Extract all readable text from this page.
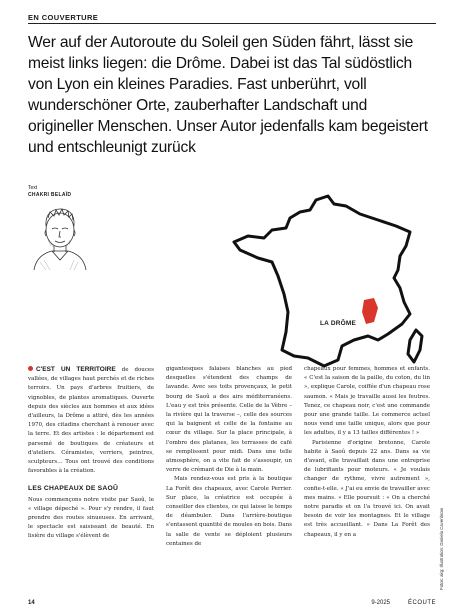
EN COUVERTURE
Wer auf der Autoroute du Soleil gen Süden fährt, lässt sie meist links liegen: die Drôme. Dabei ist das Tal südöstlich von Lyon ein kleines Paradies. Fast unberührt, voll wunderschöner Orte, zauberhafter Landschaft und origineller Menschen. Unser Autor jedenfalls kam begeistert und entschleunigt zurück
Text
CHAKRI BELAÏD
LA DRÔME

C'EST UN TERRITOIRE de douces vallées, de villages haut perchés et de riches terroirs. Un pays d'arbres fruitiers, de vignobles, de plantes aromatiques. Ouverte depuis des siècles aux hommes et aux idées d'ailleurs, la Drôme a attiré, dès les années 1970, des citadins cherchant à renouer avec la terre. Et des artistes : le département est parsemé de boutiques de créateurs et d'ateliers. Céramistes, verriers, peintres, sculpteurs… Tous ont trouvé des conditions favorables à la création.

LES CHAPEAUX DE SAOÛ

Nous commençons notre visite par Saoû, le « village dépeché ». Pour s'y rendre, il faut prendre des routes sinueuses. En arrivant, le spectacle est saisissant de beauté. En lisière du village s'élèvent de

gigantesques falaises blanches au pied desquelles s'étendent des champs de lavande. Avec ses toits provençaux, le petit bourg de Saoû a des airs méditerranéens. L'eau y est très présente. Celle de la Vèbre – la rivière qui la traverse –, celle des sources qui la baignent et celle de la fontaine au cœur du village. Sur la place principale, à l'ombre des platanes, les terrasses de café se remplissent pour midi. Dans une telle atmosphère, on a vite fait de s'assoupir, un verre de crémant de Die à la main.

Mais rendez-vous est pris à la boutique La Forêt des chapeaux, avec Carole Perrier. Sur place, la créatrice est occupée à conseiller des clientes, ce qui laisse le temps de déambuler. Dans l'arrière-boutique s'entassent quantité de moules en bois. Dans la salle de vente se déploient plusieurs centaines de

chapeaux pour femmes, hommes et enfants. « C'est la saison de la paille, du coton, du lin », explique Carole, coiffée d'un chapeau rose saumon. « Mais je travaille aussi les feutres. Tenez, ce chapeau noir, c'est une commande pour une grande taille. Le commerce actuel nous vend une taille unique, alors que pour les adultes, il y a 13 tailles différentes ! »

Parisienne d'origine bretonne, Carole habite à Saoû depuis 22 ans. Dans sa vie d'avant, elle travaillait dans une entreprise de lubrifiants pour moteurs. « Je voulais changer de rythme, vivre autrement », confie-t-elle. « J'ai eu envie de travailler avec mes mains. » Elle poursuit : « On a cherché notre paradis et on l'a trouvé ici. On avait besoin de voir les montagnes. Et le village est très accueillant. » Dans La Forêt des chapeaux, il y en a	Fotos: akg; Illustration: Daniela Cavenbrow
14	9-2025	ÉCOUTE
